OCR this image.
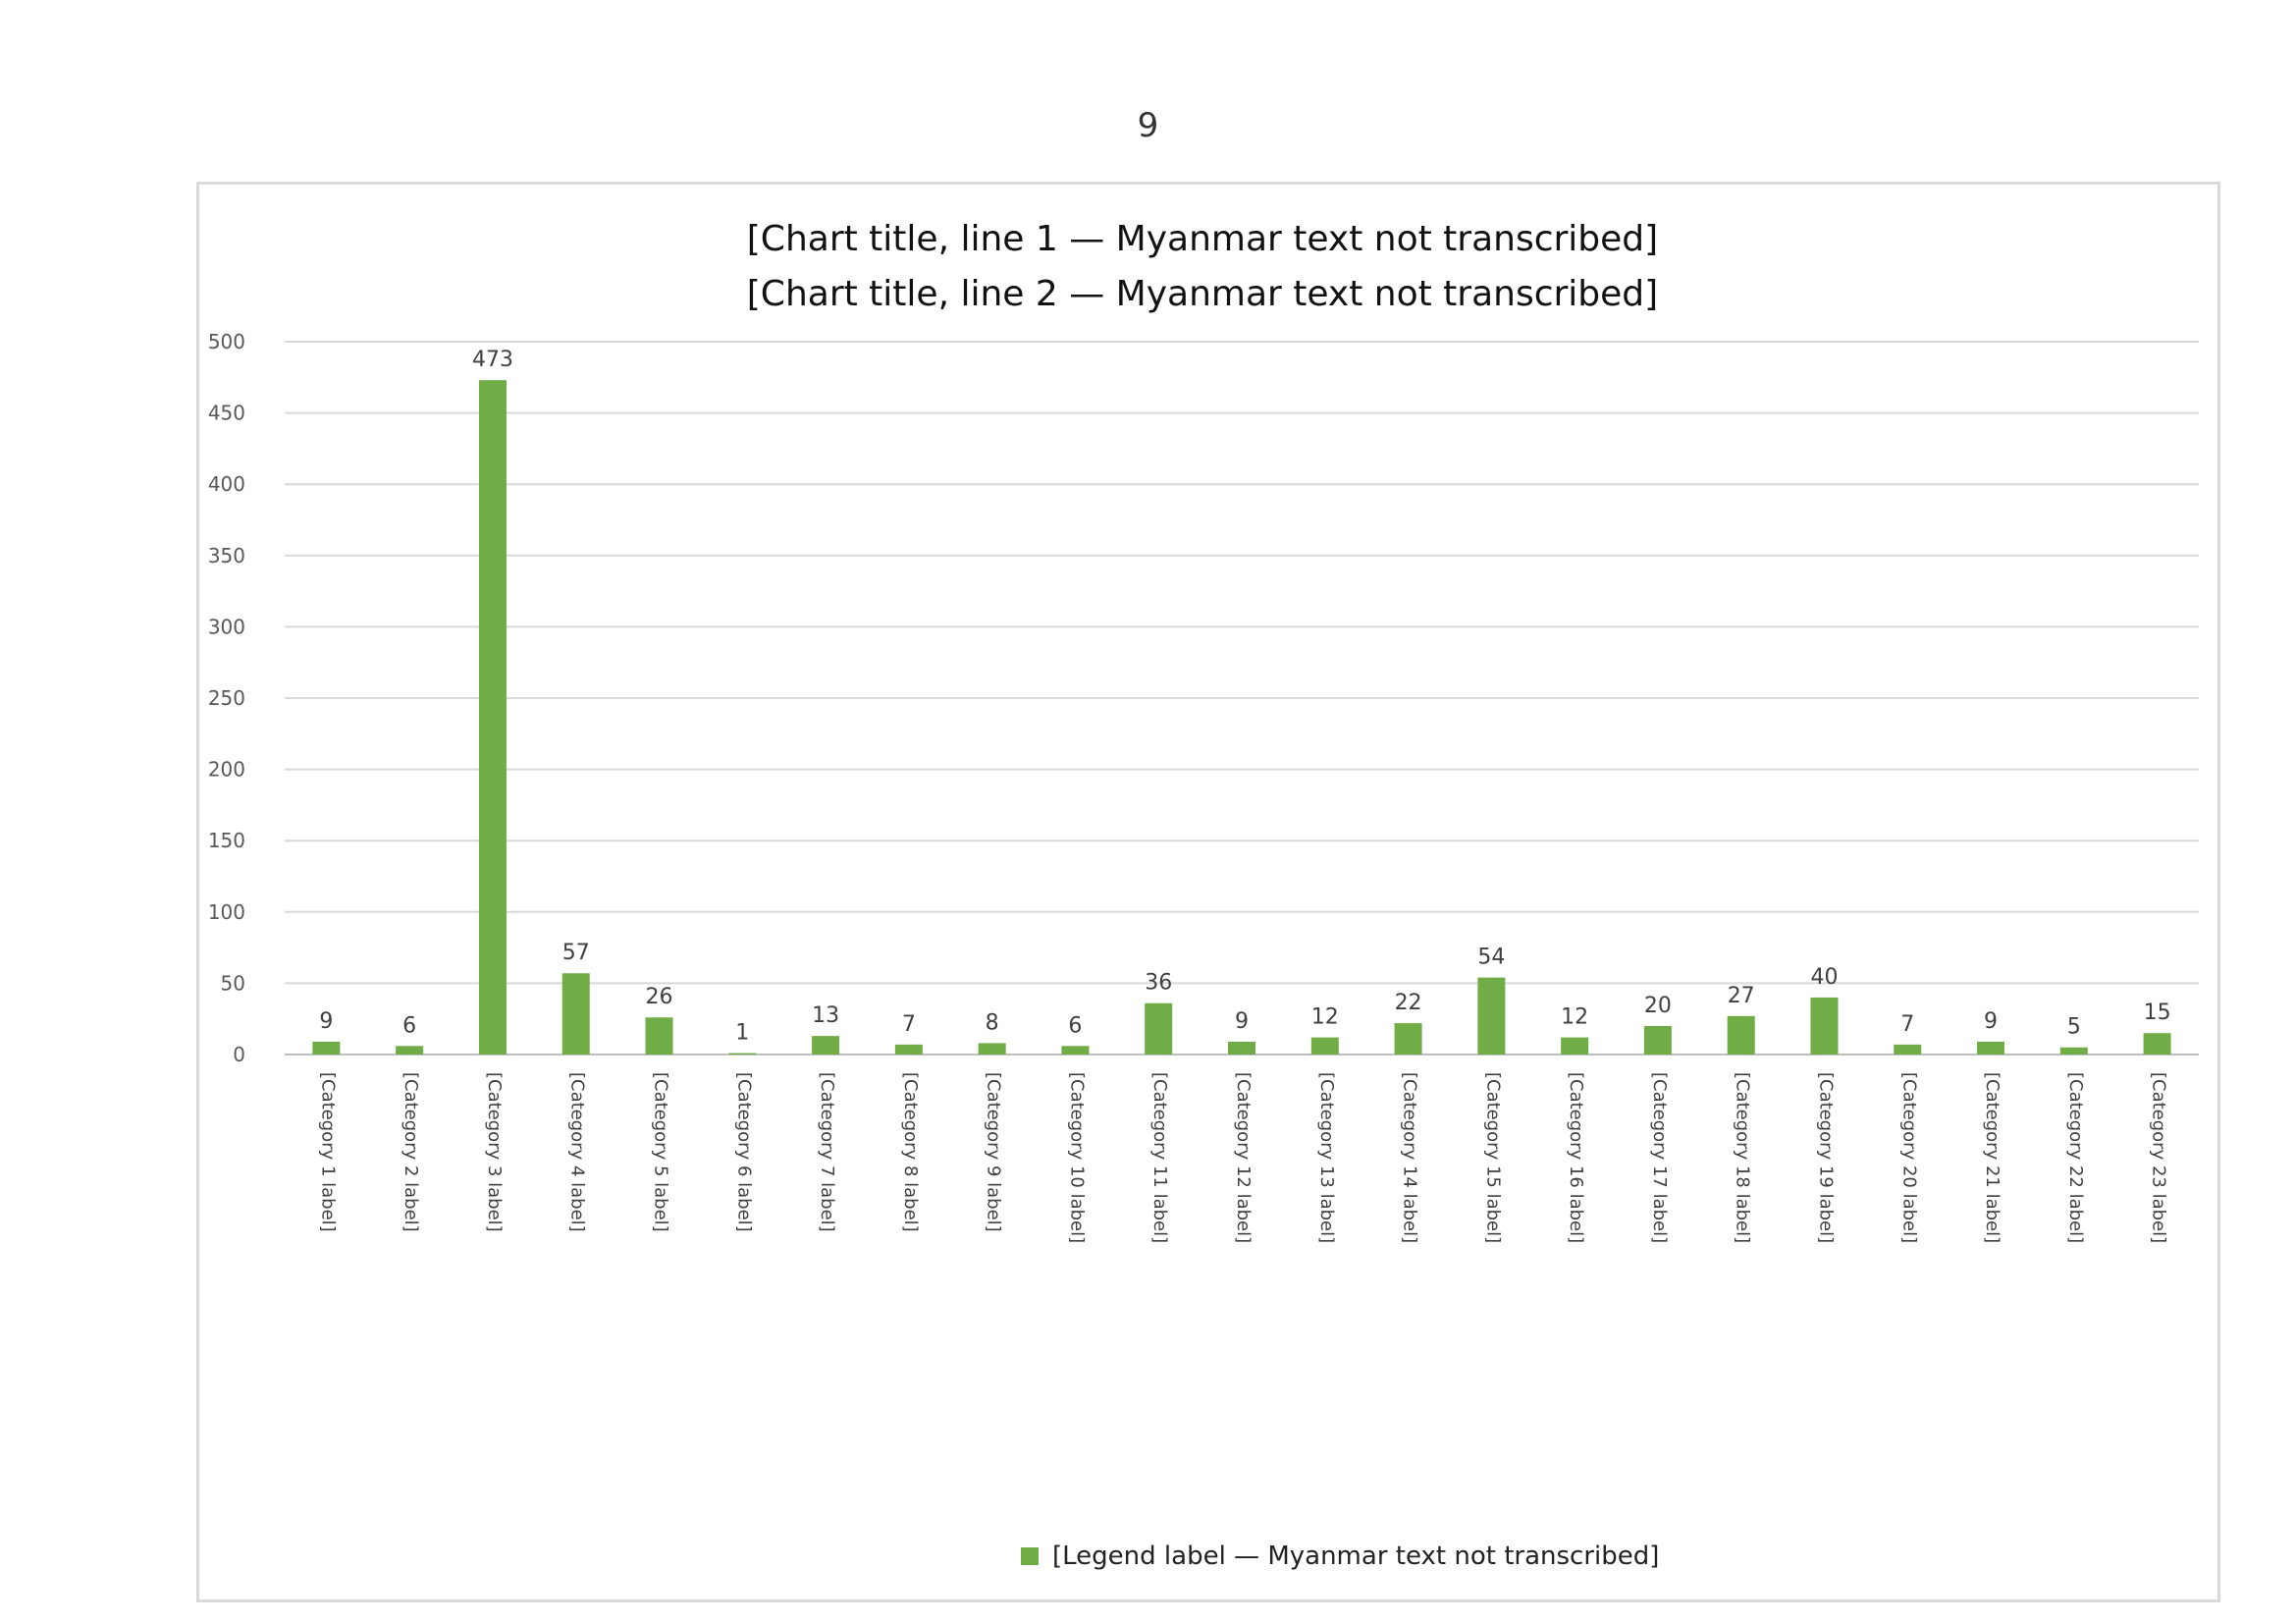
9
[Chart title, line 1 — Myanmar text not transcribed]
[Chart title, line 2 — Myanmar text not transcribed]
0
50
100
150
200
250
300
350
400
450
500
9
[Category 1 label]
6
[Category 2 label]
473
[Category 3 label]
57
[Category 4 label]
26
[Category 5 label]
1
[Category 6 label]
13
[Category 7 label]
7
[Category 8 label]
8
[Category 9 label]
6
[Category 10 label]
36
[Category 11 label]
9
[Category 12 label]
12
[Category 13 label]
22
[Category 14 label]
54
[Category 15 label]
12
[Category 16 label]
20
[Category 17 label]
27
[Category 18 label]
40
[Category 19 label]
7
[Category 20 label]
9
[Category 21 label]
5
[Category 22 label]
15
[Category 23 label]
[Legend label — Myanmar text not transcribed]
